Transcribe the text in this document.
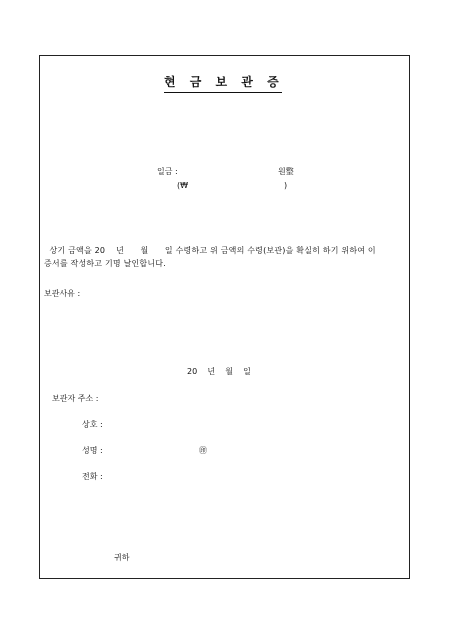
현 금 보 관 증
일금 :	원整
(₩	)
상기 금액을 20    년      월      일 수령하고 위 금액의 수령(보관)을 확실히 하기 위하여 이
증서를 작성하고 기명 날인합니다.
보관사유 :
20    년    월    일
보관자 주소 :
상호 :
성명 :	㊞
전화 :
귀하
